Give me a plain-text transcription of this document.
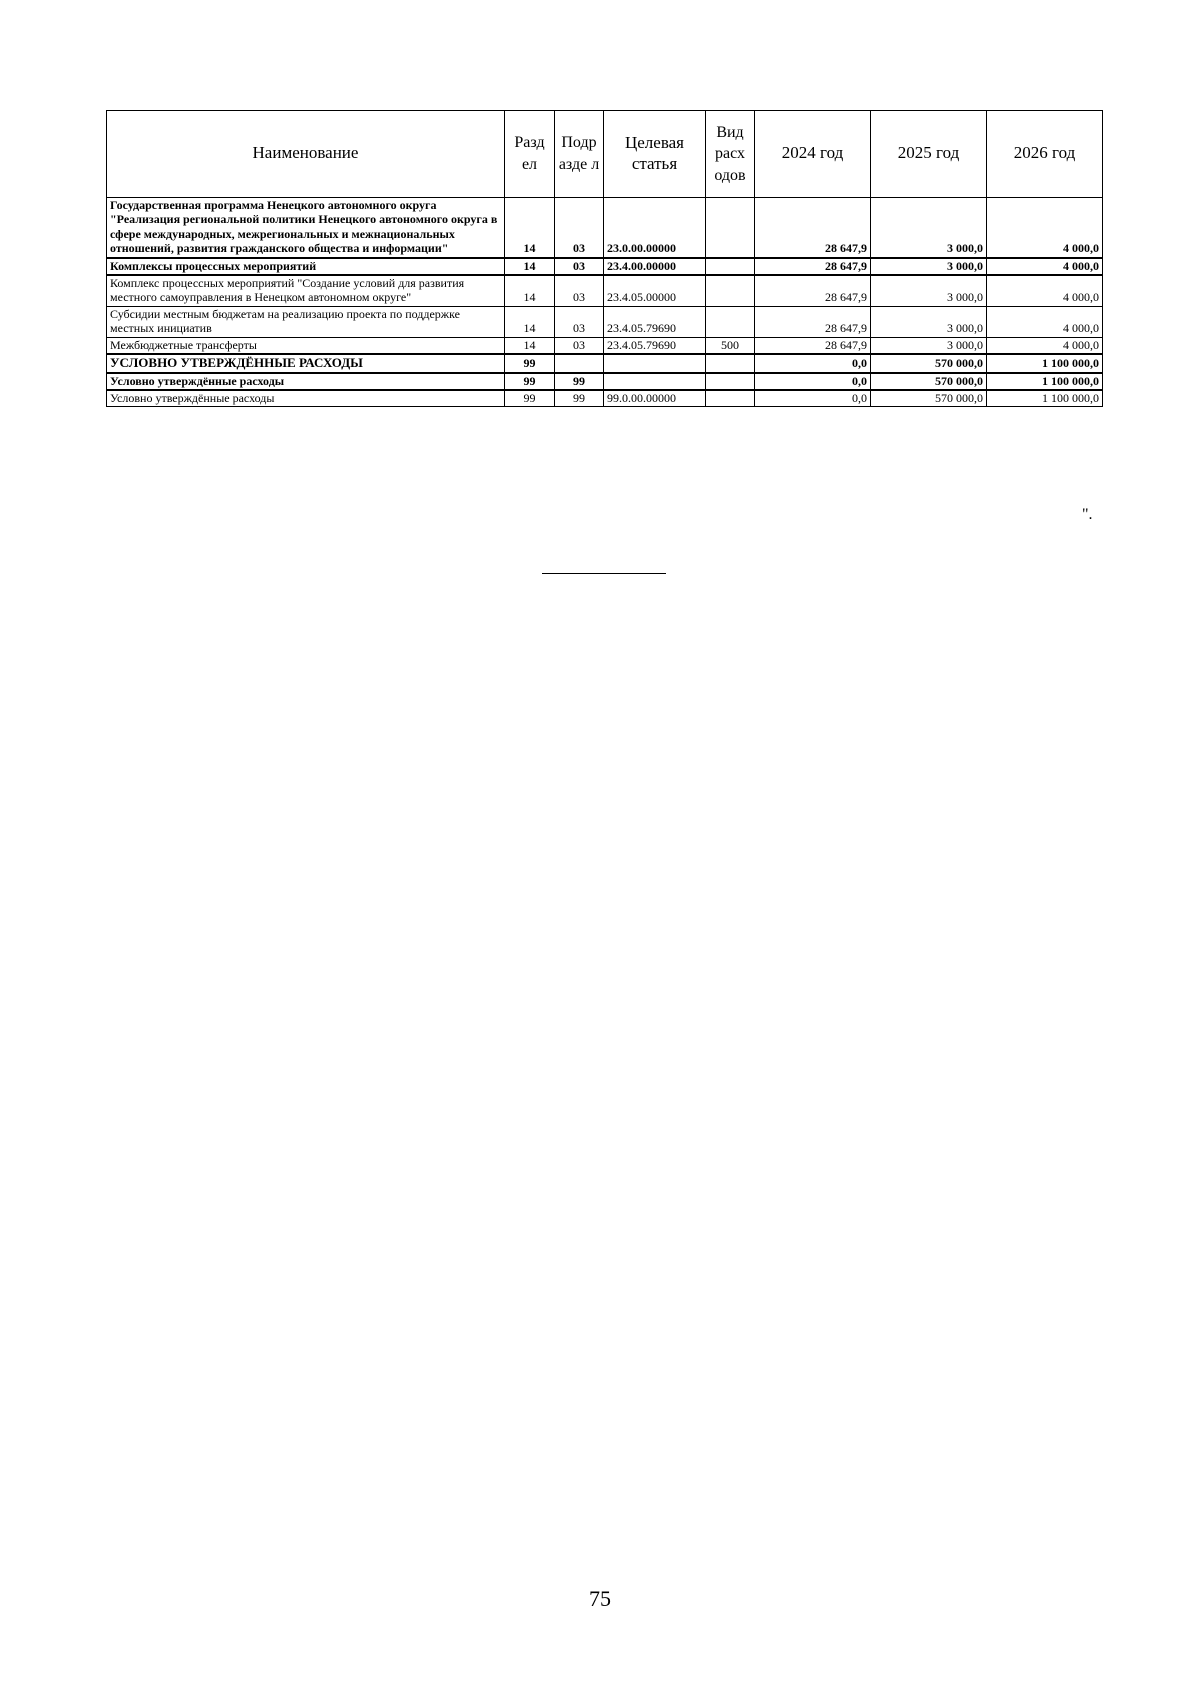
Наименование	Разд ел	Подр азде л	Целевая статья	Вид расх одов	2024 год	2025 год	2026 год
Государственная программа Ненецкого автономного округа "Реализация региональной политики Ненецкого автономного округа в сфере международных, межрегиональных и межнациональных отношений, развития гражданского общества и информации"	14	03	23.0.00.00000		28 647,9	3 000,0	4 000,0
Комплексы процессных мероприятий	14	03	23.4.00.00000		28 647,9	3 000,0	4 000,0
Комплекс процессных мероприятий "Создание условий для развития местного самоуправления в Ненецком автономном округе"	14	03	23.4.05.00000		28 647,9	3 000,0	4 000,0
Субсидии местным бюджетам на реализацию проекта по поддержке местных инициатив	14	03	23.4.05.79690		28 647,9	3 000,0	4 000,0
Межбюджетные трансферты	14	03	23.4.05.79690	500	28 647,9	3 000,0	4 000,0
УСЛОВНО УТВЕРЖДЁННЫЕ РАСХОДЫ	99				0,0	570 000,0	1 100 000,0
Условно утверждённые расходы	99	99			0,0	570 000,0	1 100 000,0
Условно утверждённые расходы	99	99	99.0.00.00000		0,0	570 000,0	1 100 000,0
".
75
